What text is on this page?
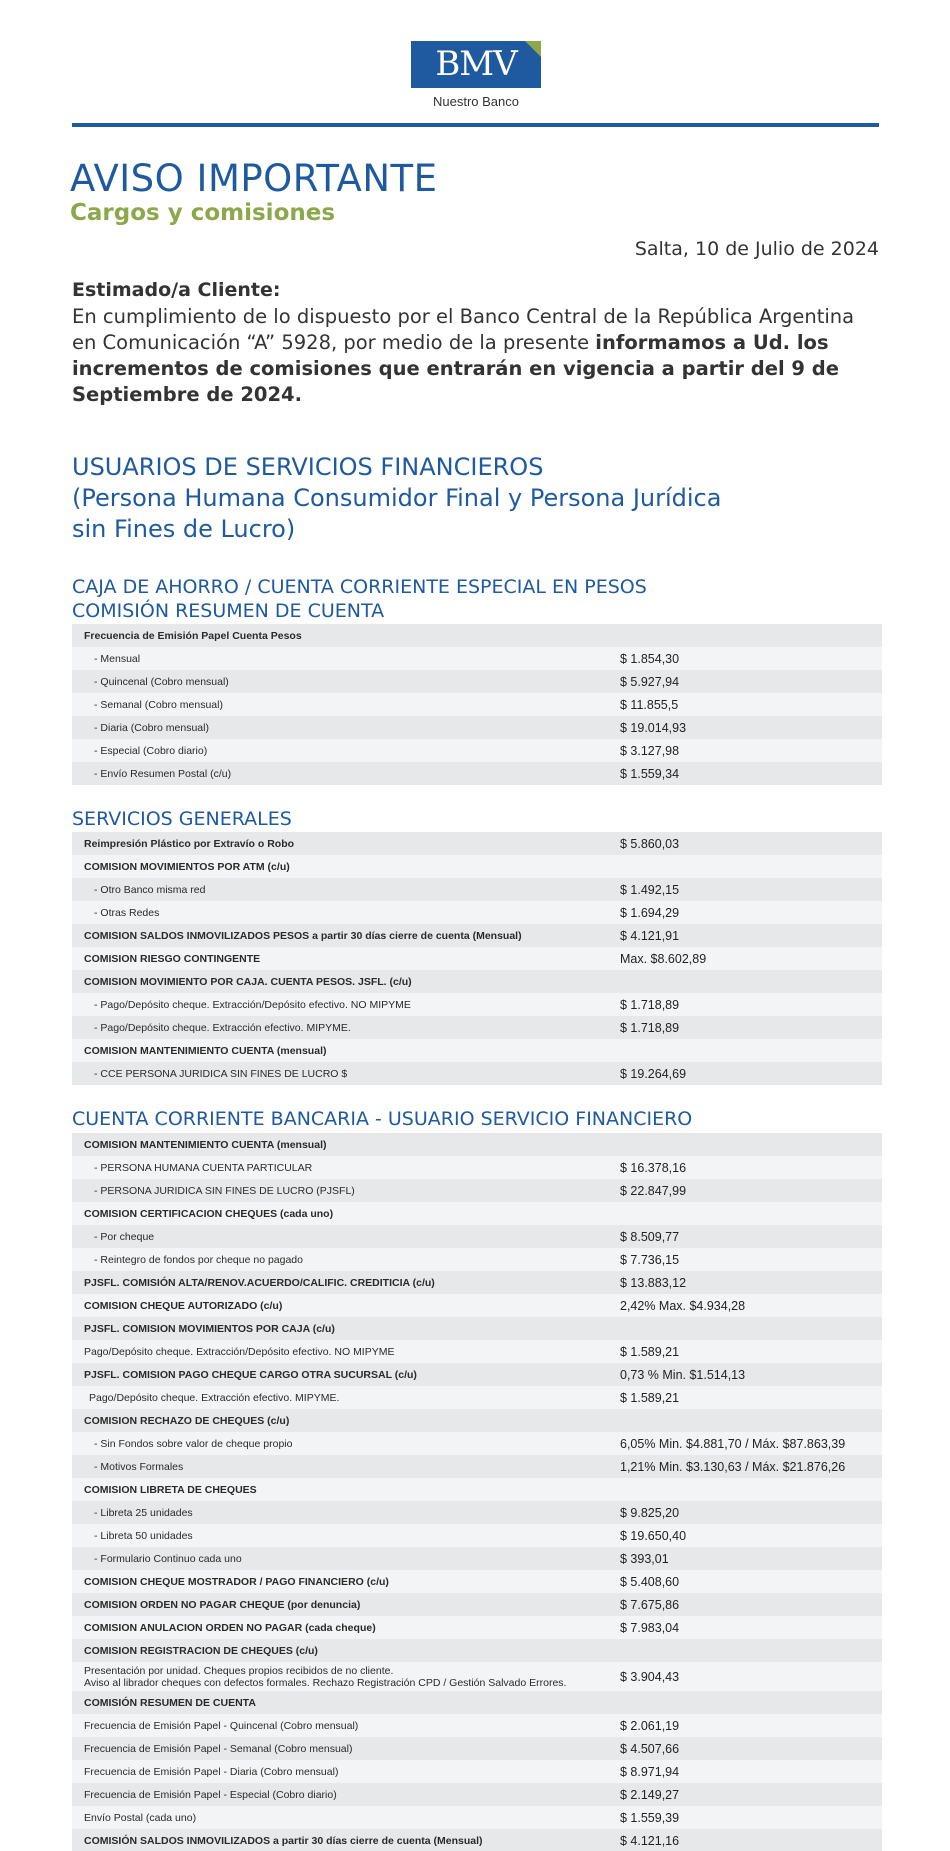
BMV
Nuestro Banco
AVISO IMPORTANTE
Cargos y comisiones
Salta, 10 de Julio de 2024
Estimado/a Cliente:
En cumplimiento de lo dispuesto por el Banco Central de la República Argentina en Comunicación “A” 5928, por medio de la presente informamos a Ud. los incrementos de comisiones que entrarán en vigencia a partir del 9 de Septiembre de 2024.
USUARIOS DE SERVICIOS FINANCIEROS
(Persona Humana Consumidor Final y Persona Jurídica
sin Fines de Lucro)
CAJA DE AHORRO / CUENTA CORRIENTE ESPECIAL EN PESOS
COMISIÓN RESUMEN DE CUENTA
Frecuencia de Emisión Papel Cuenta Pesos	
- Mensual	$ 1.854,30
- Quincenal (Cobro mensual)	$ 5.927,94
- Semanal (Cobro mensual)	$ 11.855,5
- Diaria (Cobro mensual)	$ 19.014,93
- Especial (Cobro diario)	$ 3.127,98
- Envío Resumen Postal (c/u)	$ 1.559,34
SERVICIOS GENERALES
Reimpresión Plástico por Extravío o Robo	$ 5.860,03
COMISION MOVIMIENTOS POR ATM (c/u)	
- Otro Banco misma red	$ 1.492,15
- Otras Redes	$ 1.694,29
COMISION SALDOS INMOVILIZADOS PESOS a partir 30 días cierre de cuenta (Mensual)	$ 4.121,91
COMISION RIESGO CONTINGENTE	Max. $8.602,89
COMISION MOVIMIENTO POR CAJA. CUENTA PESOS. JSFL. (c/u)	
- Pago/Depósito cheque. Extracción/Depósito efectivo. NO MIPYME	$ 1.718,89
- Pago/Depósito cheque. Extracción efectivo. MIPYME.	$ 1.718,89
COMISION MANTENIMIENTO CUENTA (mensual)	
- CCE PERSONA JURIDICA SIN FINES DE LUCRO $	$ 19.264,69
CUENTA CORRIENTE BANCARIA - USUARIO SERVICIO FINANCIERO
COMISION MANTENIMIENTO CUENTA (mensual)	
- PERSONA HUMANA CUENTA PARTICULAR	$ 16.378,16
- PERSONA JURIDICA SIN FINES DE LUCRO (PJSFL)	$ 22.847,99
COMISION CERTIFICACION CHEQUES (cada uno)	
- Por cheque	$ 8.509,77
- Reintegro de fondos por cheque no pagado	$ 7.736,15
PJSFL. COMISIÓN ALTA/RENOV.ACUERDO/CALIFIC. CREDITICIA (c/u)	$ 13.883,12
COMISION CHEQUE AUTORIZADO (c/u)	2,42% Max. $4.934,28
PJSFL. COMISION MOVIMIENTOS POR CAJA (c/u)	
Pago/Depósito cheque. Extracción/Depósito efectivo. NO MIPYME	$ 1.589,21
PJSFL. COMISION PAGO CHEQUE CARGO OTRA SUCURSAL (c/u)	0,73 % Min. $1.514,13
Pago/Depósito cheque. Extracción efectivo. MIPYME.	$ 1.589,21
COMISION RECHAZO DE CHEQUES (c/u)	
- Sin Fondos sobre valor de cheque propio	6,05% Min. $4.881,70 / Máx. $87.863,39
- Motivos Formales	1,21% Min. $3.130,63 / Máx. $21.876,26
COMISION LIBRETA DE CHEQUES	
- Libreta 25 unidades	$ 9.825,20
- Libreta 50 unidades	$ 19.650,40
- Formulario Continuo cada uno	$ 393,01
COMISION CHEQUE MOSTRADOR / PAGO FINANCIERO (c/u)	$ 5.408,60
COMISION ORDEN NO PAGAR CHEQUE (por denuncia)	$ 7.675,86
COMISION ANULACION ORDEN NO PAGAR (cada cheque)	$ 7.983,04
COMISION REGISTRACION DE CHEQUES (c/u)	
Presentación por unidad. Cheques propios recibidos de no cliente.
Aviso al librador cheques con defectos formales. Rechazo Registración CPD / Gestión Salvado Errores.	$ 3.904,43
COMISIÓN RESUMEN DE CUENTA	
Frecuencia de Emisión Papel - Quincenal (Cobro mensual)	$ 2.061,19
Frecuencia de Emisión Papel - Semanal (Cobro mensual)	$ 4.507,66
Frecuencia de Emisión Papel - Diaria (Cobro mensual)	$ 8.971,94
Frecuencia de Emisión Papel - Especial (Cobro diario)	$ 2.149,27
Envío Postal (cada uno)	$ 1.559,39
COMISIÓN SALDOS INMOVILIZADOS a partir 30 días cierre de cuenta (Mensual)	$ 4.121,16
